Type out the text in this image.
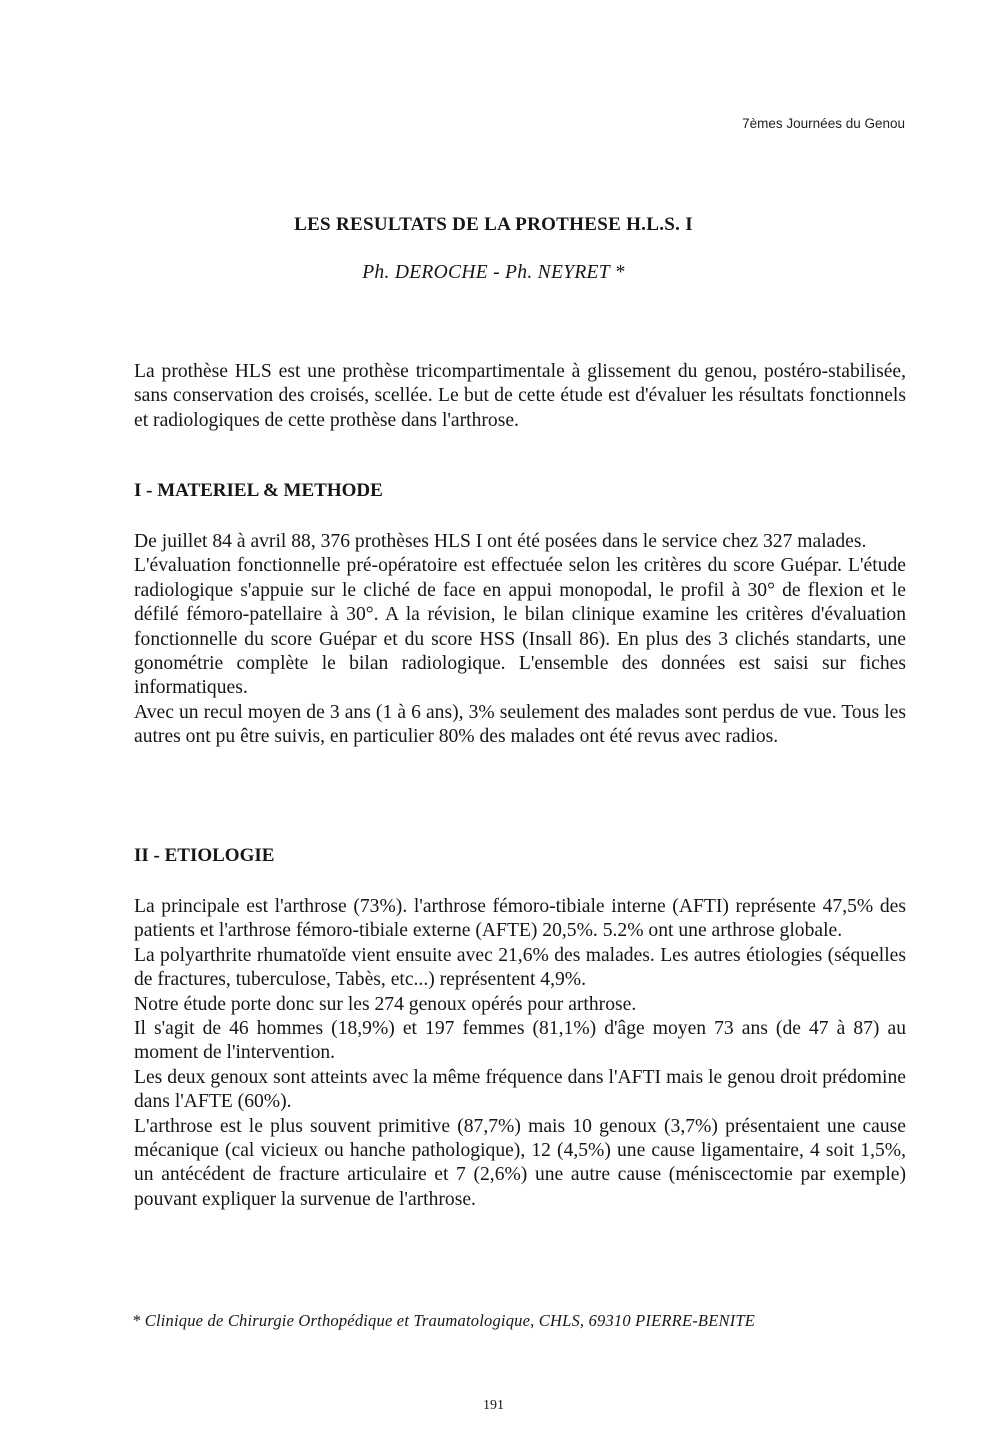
7èmes Journées du Genou
LES RESULTATS DE LA PROTHESE H.L.S. I
Ph. DEROCHE - Ph. NEYRET *

La prothèse HLS est une prothèse tricompartimentale à glissement du genou, postéro-stabilisée, sans conservation des croisés, scellée. Le but de cette étude est d'évaluer les résultats fonctionnels et radiologiques de cette prothèse dans l'arthrose.

I - MATERIEL & METHODE

De juillet 84 à avril 88, 376 prothèses HLS I ont été posées dans le service chez 327 malades.

L'évaluation fonctionnelle pré-opératoire est effectuée selon les critères du score Guépar. L'étude radiologique s'appuie sur le cliché de face en appui monopodal, le profil à 30° de flexion et le défilé fémoro-patellaire à 30°. A la révision, le bilan clinique examine les critères d'évaluation fonctionnelle du score Guépar et du score HSS (Insall 86). En plus des 3 clichés standarts, une gonométrie complète le bilan radiologique. L'ensemble des données est saisi sur fiches informatiques.

Avec un recul moyen de 3 ans (1 à 6 ans), 3% seulement des malades sont perdus de vue. Tous les autres ont pu être suivis, en particulier 80% des malades ont été revus avec radios.

II - ETIOLOGIE

La principale est l'arthrose (73%). l'arthrose fémoro-tibiale interne (AFTI) représente 47,5% des patients et l'arthrose fémoro-tibiale externe (AFTE) 20,5%. 5.2% ont une arthrose globale.

La polyarthrite rhumatoïde vient ensuite avec 21,6% des malades. Les autres étiologies (séquelles de fractures, tuberculose, Tabès, etc...) représentent 4,9%.

Notre étude porte donc sur les 274 genoux opérés pour arthrose.

Il s'agit de 46 hommes (18,9%) et 197 femmes (81,1%) d'âge moyen 73 ans (de 47 à 87) au moment de l'intervention.

Les deux genoux sont atteints avec la même fréquence dans l'AFTI mais le genou droit prédomine dans l'AFTE (60%).

L'arthrose est le plus souvent primitive (87,7%) mais 10 genoux (3,7%) présentaient une cause mécanique (cal vicieux ou hanche pathologique), 12 (4,5%) une cause ligamentaire, 4 soit 1,5%, un antécédent de fracture articulaire et 7 (2,6%) une autre cause (méniscectomie par exemple) pouvant expliquer la survenue de l'arthrose.

* Clinique de Chirurgie Orthopédique et Traumatologique, CHLS, 69310 PIERRE-BENITE
191
